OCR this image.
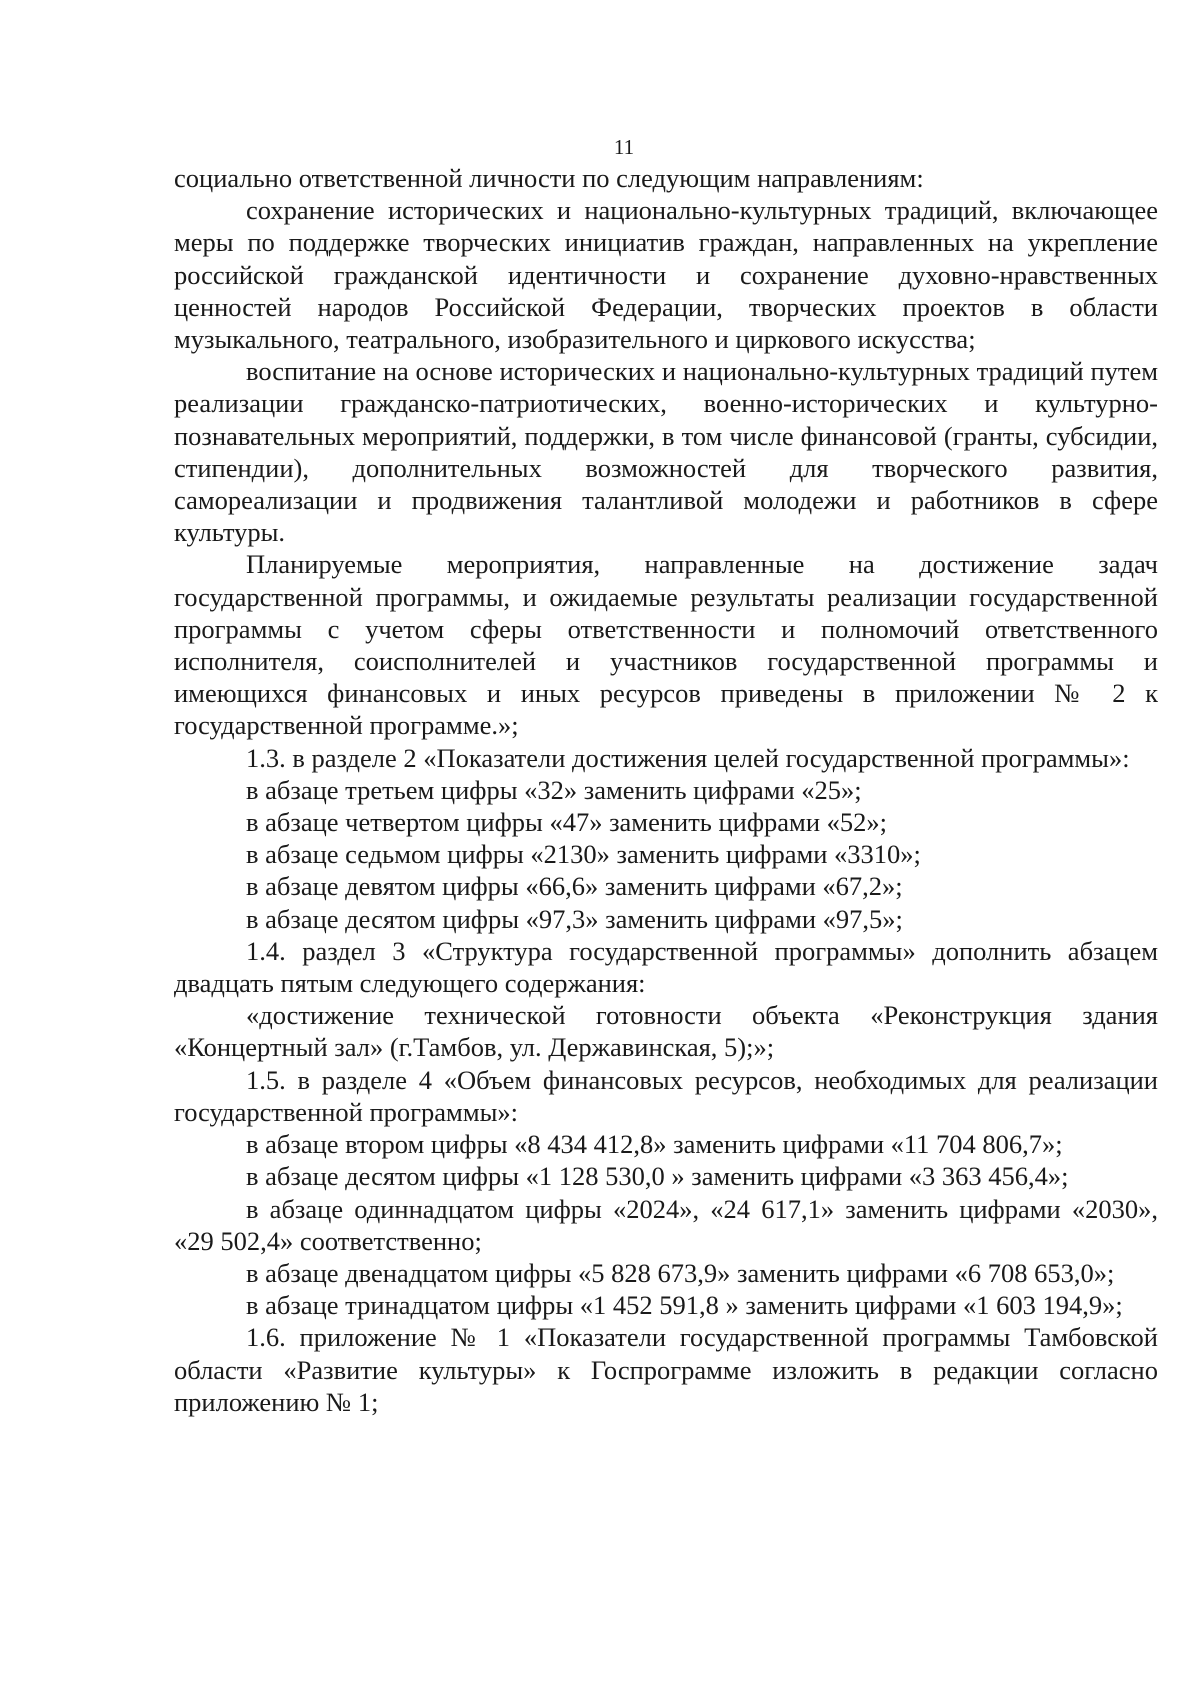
11

социально ответственной личности по следующим направлениям:

сохранение исторических и национально-культурных традиций, включающее меры по поддержке творческих инициатив граждан, направленных на укрепление российской гражданской идентичности и сохранение духовно-нравственных ценностей народов Российской Федерации, творческих проектов в области музыкального, театрального, изобразительного и циркового искусства;

воспитание на основе исторических и национально-культурных традиций путем реализации гражданско-патриотических, военно-исторических и культурно-познавательных мероприятий, поддержки, в том числе финансовой (гранты, субсидии, стипендии), дополнительных возможностей для творческого развития, самореализации и продвижения талантливой молодежи и работников в сфере культуры.

Планируемые мероприятия, направленные на достижение задач государственной программы, и ожидаемые результаты реализации государственной программы с учетом сферы ответственности и полномочий ответственного исполнителя, соисполнителей и участников государственной программы и имеющихся финансовых и иных ресурсов приведены в приложении № 2 к государственной программе.»;

1.3. в разделе 2 «Показатели достижения целей государственной программы»:

в абзаце третьем цифры «32» заменить цифрами «25»;

в абзаце четвертом цифры «47» заменить цифрами «52»;

в абзаце седьмом цифры «2130» заменить цифрами «3310»;

в абзаце девятом цифры «66,6» заменить цифрами «67,2»;

в абзаце десятом цифры «97,3» заменить цифрами «97,5»;

1.4. раздел 3 «Структура государственной программы» дополнить абзацем двадцать пятым следующего содержания:

«достижение технической готовности объекта «Реконструкция здания «Концертный зал» (г.Тамбов, ул. Державинская, 5);»;

1.5. в разделе 4 «Объем финансовых ресурсов, необходимых для реализации государственной программы»:

в абзаце втором цифры «8 434 412,8» заменить цифрами «11 704 806,7»;

в абзаце десятом цифры «1 128 530,0 » заменить цифрами «3 363 456,4»;

в абзаце одиннадцатом цифры «2024», «24 617,1» заменить цифрами «2030», «29 502,4» соответственно;

в абзаце двенадцатом цифры «5 828 673,9» заменить цифрами «6 708 653,0»;

в абзаце тринадцатом цифры «1 452 591,8 » заменить цифрами «1 603 194,9»;

1.6. приложение № 1 «Показатели государственной программы Тамбовской области «Развитие культуры» к Госпрограмме изложить в редакции согласно приложению № 1;
